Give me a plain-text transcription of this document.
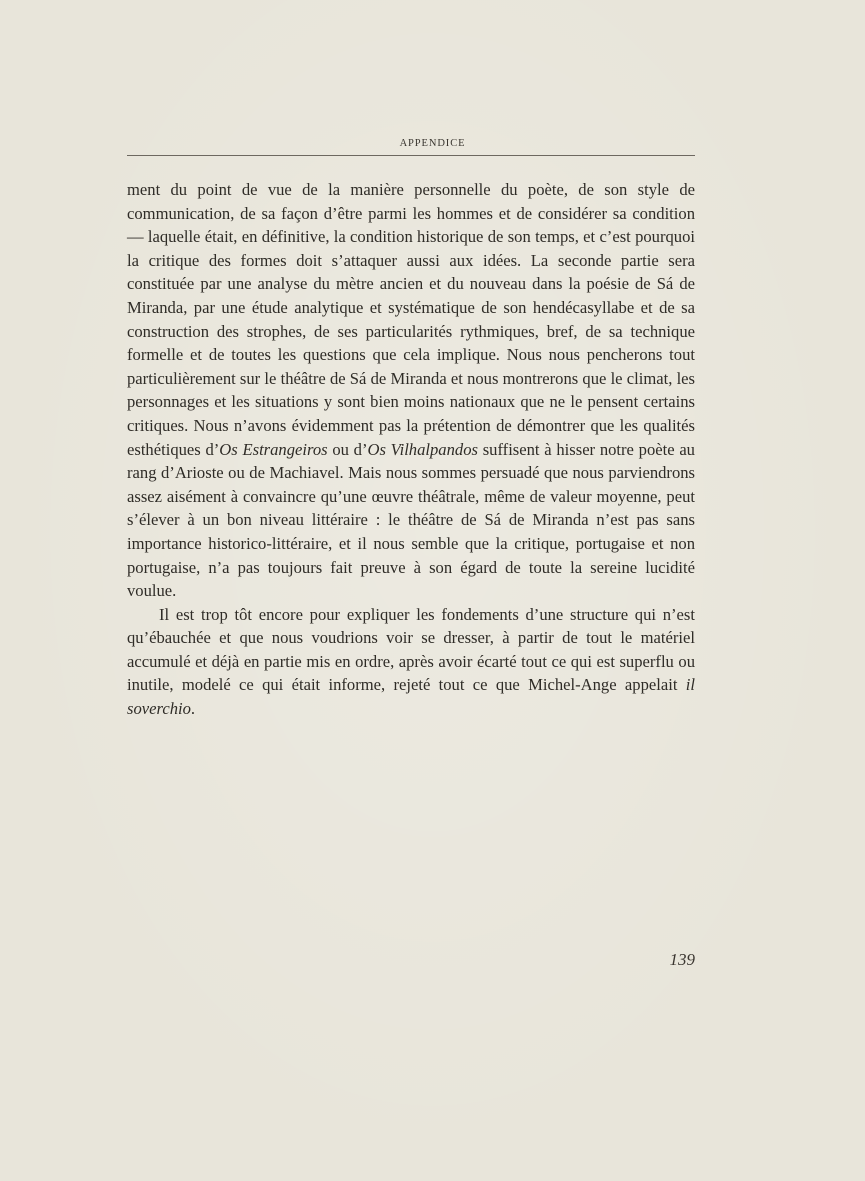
APPENDICE

ment du point de vue de la manière personnelle du poète, de son style de communication, de sa façon d’être parmi les hommes et de considérer sa condition — laquelle était, en définitive, la condition historique de son temps, et c’est pourquoi la critique des formes doit s’attaquer aussi aux idées. La seconde partie sera constituée par une analyse du mètre ancien et du nouveau dans la poésie de Sá de Miranda, par une étude analytique et systématique de son hendécasyllabe et de sa construction des strophes, de ses particularités rythmiques, bref, de sa technique formelle et de toutes les questions que cela implique. Nous nous pencherons tout particulièrement sur le théâtre de Sá de Miranda et nous montrerons que le climat, les personnages et les situations y sont bien moins nationaux que ne le pensent certains critiques. Nous n’avons évidemment pas la prétention de démontrer que les qualités esthétiques d’Os Estrangeiros ou d’Os Vilhalpandos suffisent à hisser notre poète au rang d’Arioste ou de Machiavel. Mais nous sommes persuadé que nous parviendrons assez aisément à convaincre qu’une œuvre théâtrale, même de valeur moyenne, peut s’élever à un bon niveau littéraire : le théâtre de Sá de Miranda n’est pas sans importance historico-littéraire, et il nous semble que la critique, portugaise et non portugaise, n’a pas toujours fait preuve à son égard de toute la sereine lucidité voulue.

Il est trop tôt encore pour expliquer les fondements d’une structure qui n’est qu’ébauchée et que nous voudrions voir se dresser, à partir de tout le matériel accumulé et déjà en partie mis en ordre, après avoir écarté tout ce qui est superflu ou inutile, modelé ce qui était informe, rejeté tout ce que Michel-Ange appelait il soverchio.

139
